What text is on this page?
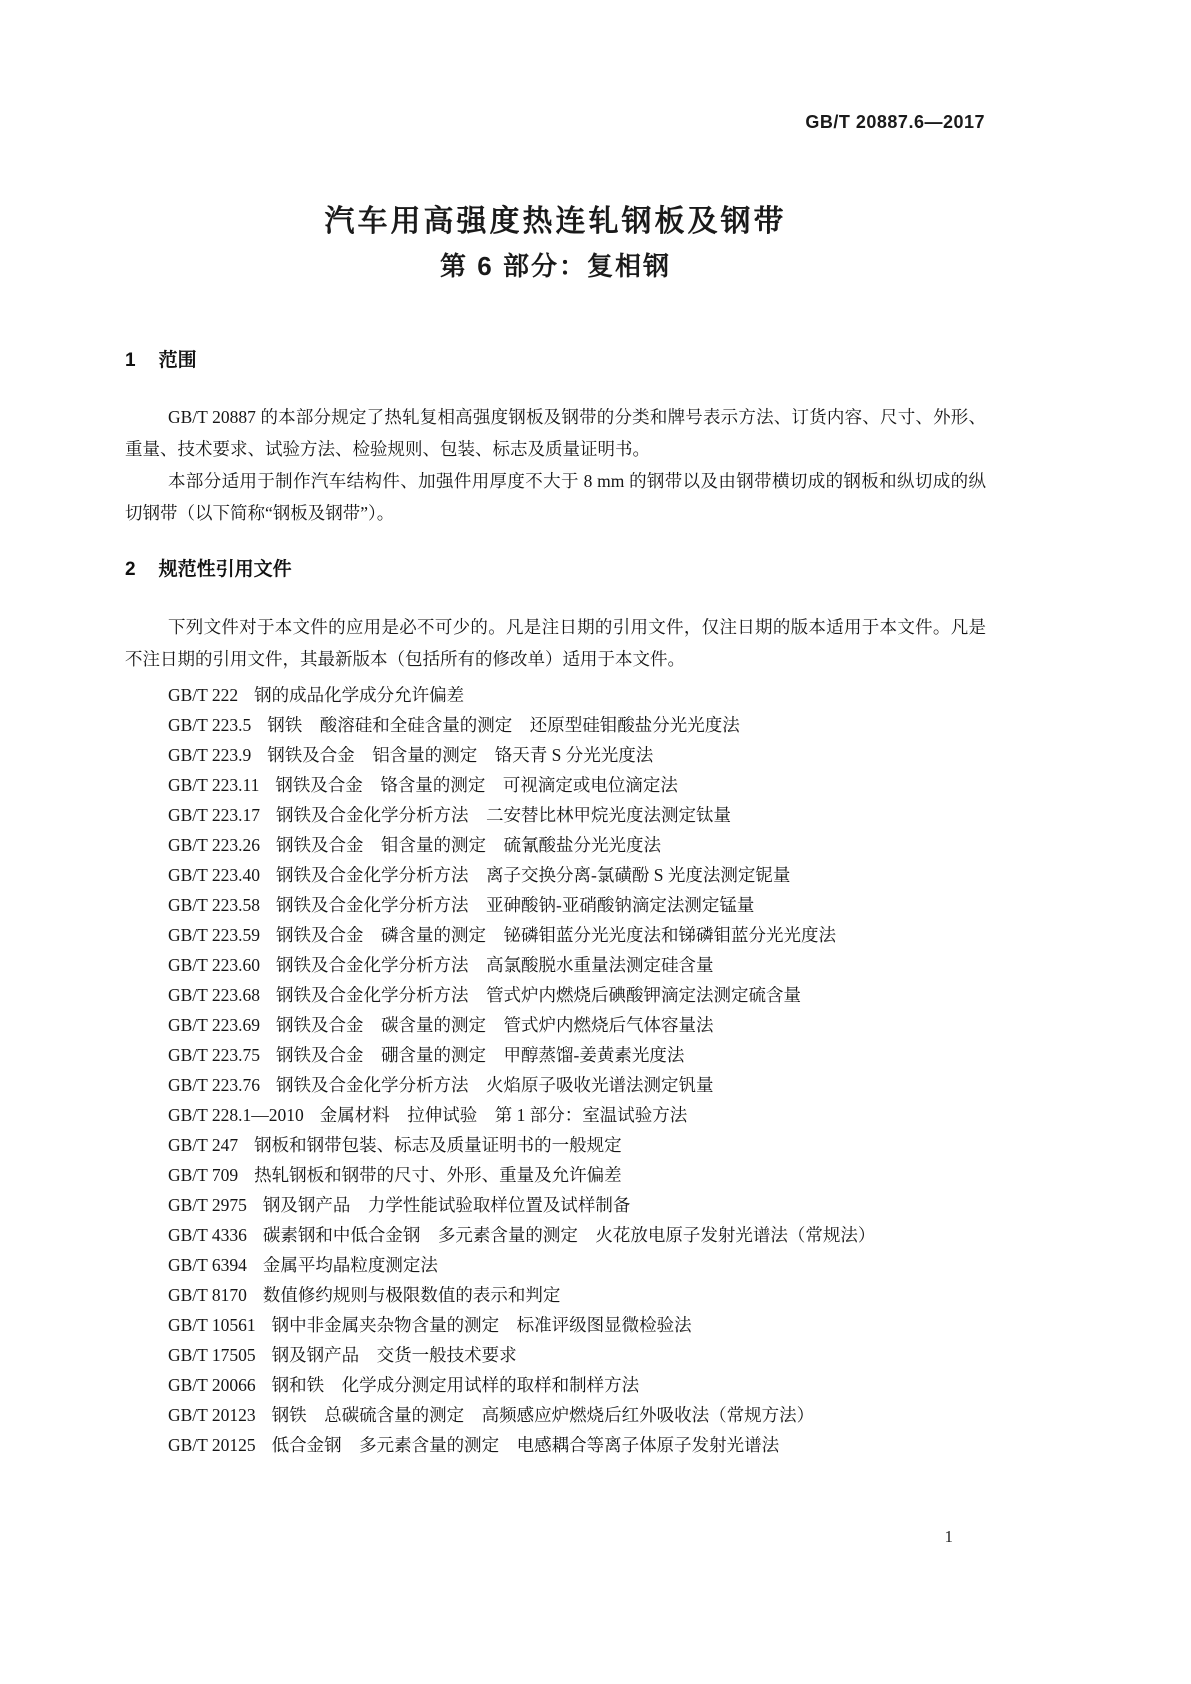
GB/T 20887.6—2017
汽车用高强度热连轧钢板及钢带
第 6 部分：复相钢
1 范围

GB/T 20887 的本部分规定了热轧复相高强度钢板及钢带的分类和牌号表示方法、订货内容、尺寸、外形、重量、技术要求、试验方法、检验规则、包装、标志及质量证明书。

本部分适用于制作汽车结构件、加强件用厚度不大于 8 mm 的钢带以及由钢带横切成的钢板和纵切成的纵切钢带（以下简称“钢板及钢带”）。

2 规范性引用文件

下列文件对于本文件的应用是必不可少的。凡是注日期的引用文件，仅注日期的版本适用于本文件。凡是不注日期的引用文件，其最新版本（包括所有的修改单）适用于本文件。

GB/T 222 钢的成品化学成分允许偏差
GB/T 223.5 钢铁　酸溶硅和全硅含量的测定　还原型硅钼酸盐分光光度法
GB/T 223.9 钢铁及合金　铝含量的测定　铬天青 S 分光光度法
GB/T 223.11 钢铁及合金　铬含量的测定　可视滴定或电位滴定法
GB/T 223.17 钢铁及合金化学分析方法　二安替比林甲烷光度法测定钛量
GB/T 223.26 钢铁及合金　钼含量的测定　硫氰酸盐分光光度法
GB/T 223.40 钢铁及合金化学分析方法　离子交换分离-氯磺酚 S 光度法测定铌量
GB/T 223.58 钢铁及合金化学分析方法　亚砷酸钠-亚硝酸钠滴定法测定锰量
GB/T 223.59 钢铁及合金　磷含量的测定　铋磷钼蓝分光光度法和锑磷钼蓝分光光度法
GB/T 223.60 钢铁及合金化学分析方法　高氯酸脱水重量法测定硅含量
GB/T 223.68 钢铁及合金化学分析方法　管式炉内燃烧后碘酸钾滴定法测定硫含量
GB/T 223.69 钢铁及合金　碳含量的测定　管式炉内燃烧后气体容量法
GB/T 223.75 钢铁及合金　硼含量的测定　甲醇蒸馏-姜黄素光度法
GB/T 223.76 钢铁及合金化学分析方法　火焰原子吸收光谱法测定钒量
GB/T 228.1—2010 金属材料　拉伸试验　第 1 部分：室温试验方法
GB/T 247 钢板和钢带包装、标志及质量证明书的一般规定
GB/T 709 热轧钢板和钢带的尺寸、外形、重量及允许偏差
GB/T 2975 钢及钢产品　力学性能试验取样位置及试样制备
GB/T 4336 碳素钢和中低合金钢　多元素含量的测定　火花放电原子发射光谱法（常规法）
GB/T 6394 金属平均晶粒度测定法
GB/T 8170 数值修约规则与极限数值的表示和判定
GB/T 10561 钢中非金属夹杂物含量的测定　标准评级图显微检验法
GB/T 17505 钢及钢产品　交货一般技术要求
GB/T 20066 钢和铁　化学成分测定用试样的取样和制样方法
GB/T 20123 钢铁　总碳硫含量的测定　高频感应炉燃烧后红外吸收法（常规方法）
GB/T 20125 低合金钢　多元素含量的测定　电感耦合等离子体原子发射光谱法
1
